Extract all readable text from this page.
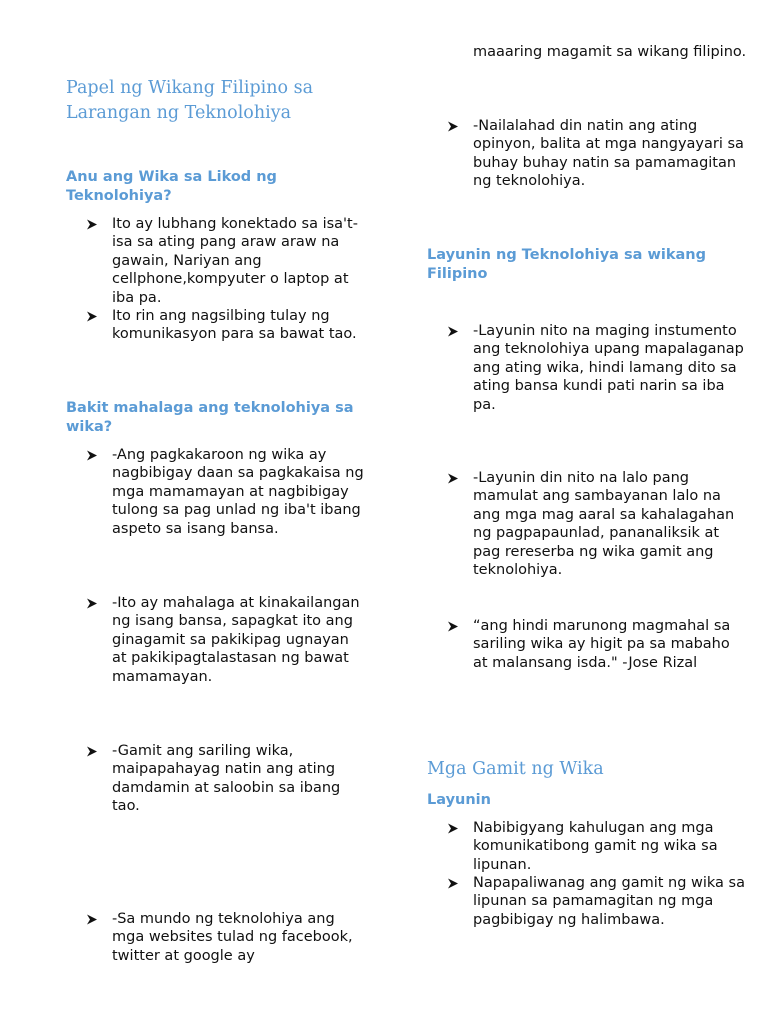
Papel ng Wikang Filipino sa Larangan ng Teknolohiya
Anu ang Wika sa Likod ng Teknolohiya?
Ito ay lubhang konektado sa isa't-isa sa ating pang araw araw na gawain, Nariyan ang cellphone,kompyuter o laptop at iba pa.
Ito rin ang nagsilbing tulay ng komunikasyon para sa bawat tao.
Bakit mahalaga ang teknolohiya sa wika?
-Ang pagkakaroon ng wika ay nagbibigay daan sa pagkakaisa ng mga mamamayan at nagbibigay tulong sa pag unlad ng iba't ibang aspeto sa isang bansa.
-Ito ay mahalaga at kinakailangan ng isang bansa, sapagkat ito ang ginagamit sa pakikipag ugnayan at pakikipagtalastasan ng bawat mamamayan.
-Gamit ang sariling wika, maipapahayag natin ang ating damdamin at saloobin sa ibang tao.
-Sa mundo ng teknolohiya ang mga websites tulad ng facebook, twitter at google ay
maaaring magamit sa wikang filipino.
-Nailalahad din natin ang ating opinyon, balita at mga nangyayari sa buhay buhay natin sa pamamagitan ng teknolohiya.
Layunin ng Teknolohiya sa wikang Filipino
-Layunin nito na maging instumento ang teknolohiya upang mapalaganap ang ating wika, hindi lamang dito sa ating bansa kundi pati narin sa iba pa.
-Layunin din nito na lalo pang mamulat ang sambayanan lalo na ang mga mag aaral sa kahalagahan ng pagpapaunlad, pananaliksik at pag rereserba ng wika gamit ang teknolohiya.
“ang hindi marunong magmahal sa sariling wika ay higit pa sa mabaho at malansang isda." -Jose Rizal
Mga Gamit ng Wika
Layunin
Nabibigyang kahulugan ang mga komunikatibong gamit ng wika sa lipunan.
Napapaliwanag ang gamit ng wika sa lipunan sa pamamagitan ng mga pagbibigay ng halimbawa.
